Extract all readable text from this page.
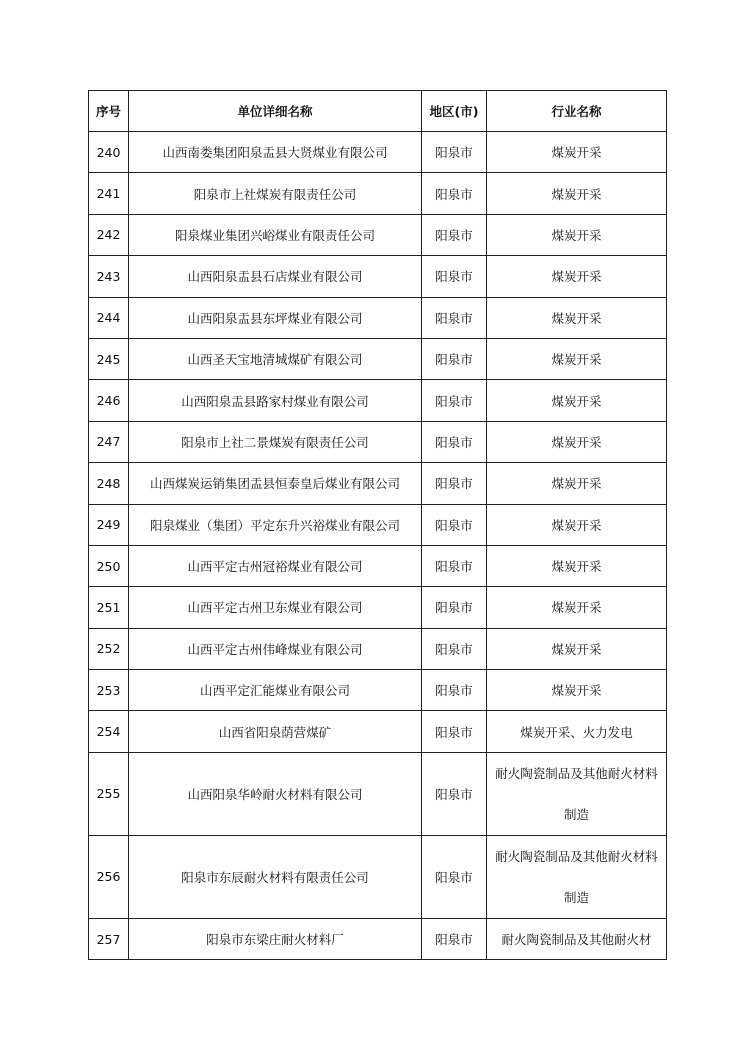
序号	单位详细名称	地区(市)	行业名称
240	山西南娄集团阳泉盂县大贤煤业有限公司	阳泉市	煤炭开采
241	阳泉市上社煤炭有限责任公司	阳泉市	煤炭开采
242	阳泉煤业集团兴峪煤业有限责任公司	阳泉市	煤炭开采
243	山西阳泉盂县石店煤业有限公司	阳泉市	煤炭开采
244	山西阳泉盂县东坪煤业有限公司	阳泉市	煤炭开采
245	山西圣天宝地清城煤矿有限公司	阳泉市	煤炭开采
246	山西阳泉盂县路家村煤业有限公司	阳泉市	煤炭开采
247	阳泉市上社二景煤炭有限责任公司	阳泉市	煤炭开采
248	山西煤炭运销集团盂县恒泰皇后煤业有限公司	阳泉市	煤炭开采
249	阳泉煤业（集团）平定东升兴裕煤业有限公司	阳泉市	煤炭开采
250	山西平定古州冠裕煤业有限公司	阳泉市	煤炭开采
251	山西平定古州卫东煤业有限公司	阳泉市	煤炭开采
252	山西平定古州伟峰煤业有限公司	阳泉市	煤炭开采
253	山西平定汇能煤业有限公司	阳泉市	煤炭开采
254	山西省阳泉荫营煤矿	阳泉市	煤炭开采、火力发电
255	山西阳泉华岭耐火材料有限公司	阳泉市	耐火陶瓷制品及其他耐火材料制造
256	阳泉市东辰耐火材料有限责任公司	阳泉市	耐火陶瓷制品及其他耐火材料制造
257	阳泉市东梁庄耐火材料厂	阳泉市	耐火陶瓷制品及其他耐火材
